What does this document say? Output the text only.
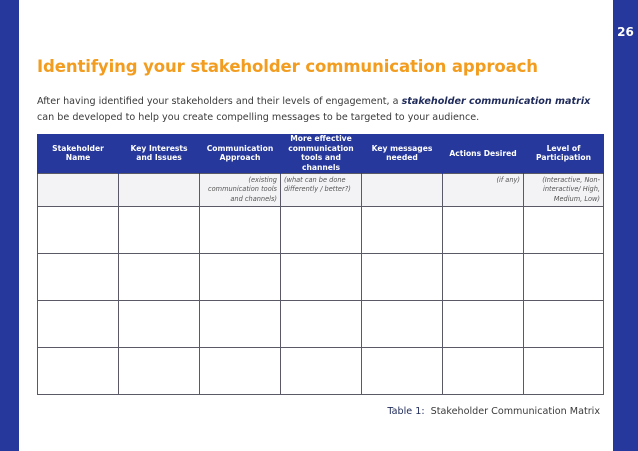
26
Identifying your stakeholder communication approach

After having identified your stakeholders and their levels of engagement, a stakeholder communication matrix can be developed to help you create compelling messages to be targeted to your audience.

Stakeholder Name	Key Interests and Issues	Communication Approach	More effective communication tools and channels	Key messages needed	Actions Desired	Level of Participation
		(existing communication tools and channels)	(what can be done differently / better?)		(if any)	(Interactive, Non-interactive/ High, Medium, Low)

Table 1: Stakeholder Communication Matrix
